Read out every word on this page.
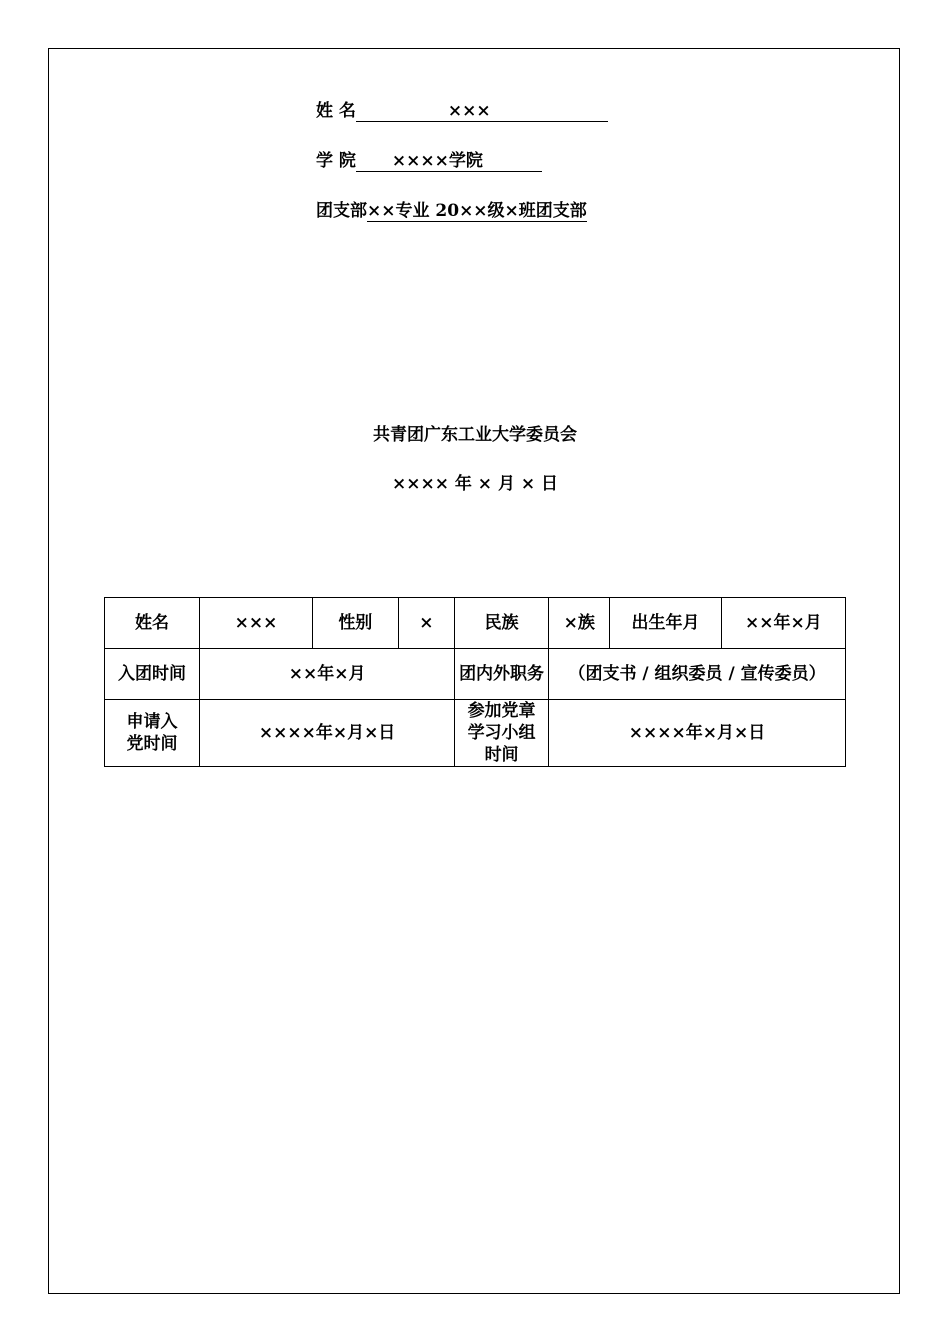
姓 名	×××
学 院 ××××学院
团支部××专业 20××级×班团支部
共青团广东工业大学委员会
×××× 年 × 月 × 日
姓名	×××	性别	×	民族	×族	出生年月	××年×月
入团时间	××年×月			团内外职务	（团支书 / 组织委员 / 宣传委员）		
申请入党时间	××××年×月×日			参加党章学习小组时间	××××年×月×日		
